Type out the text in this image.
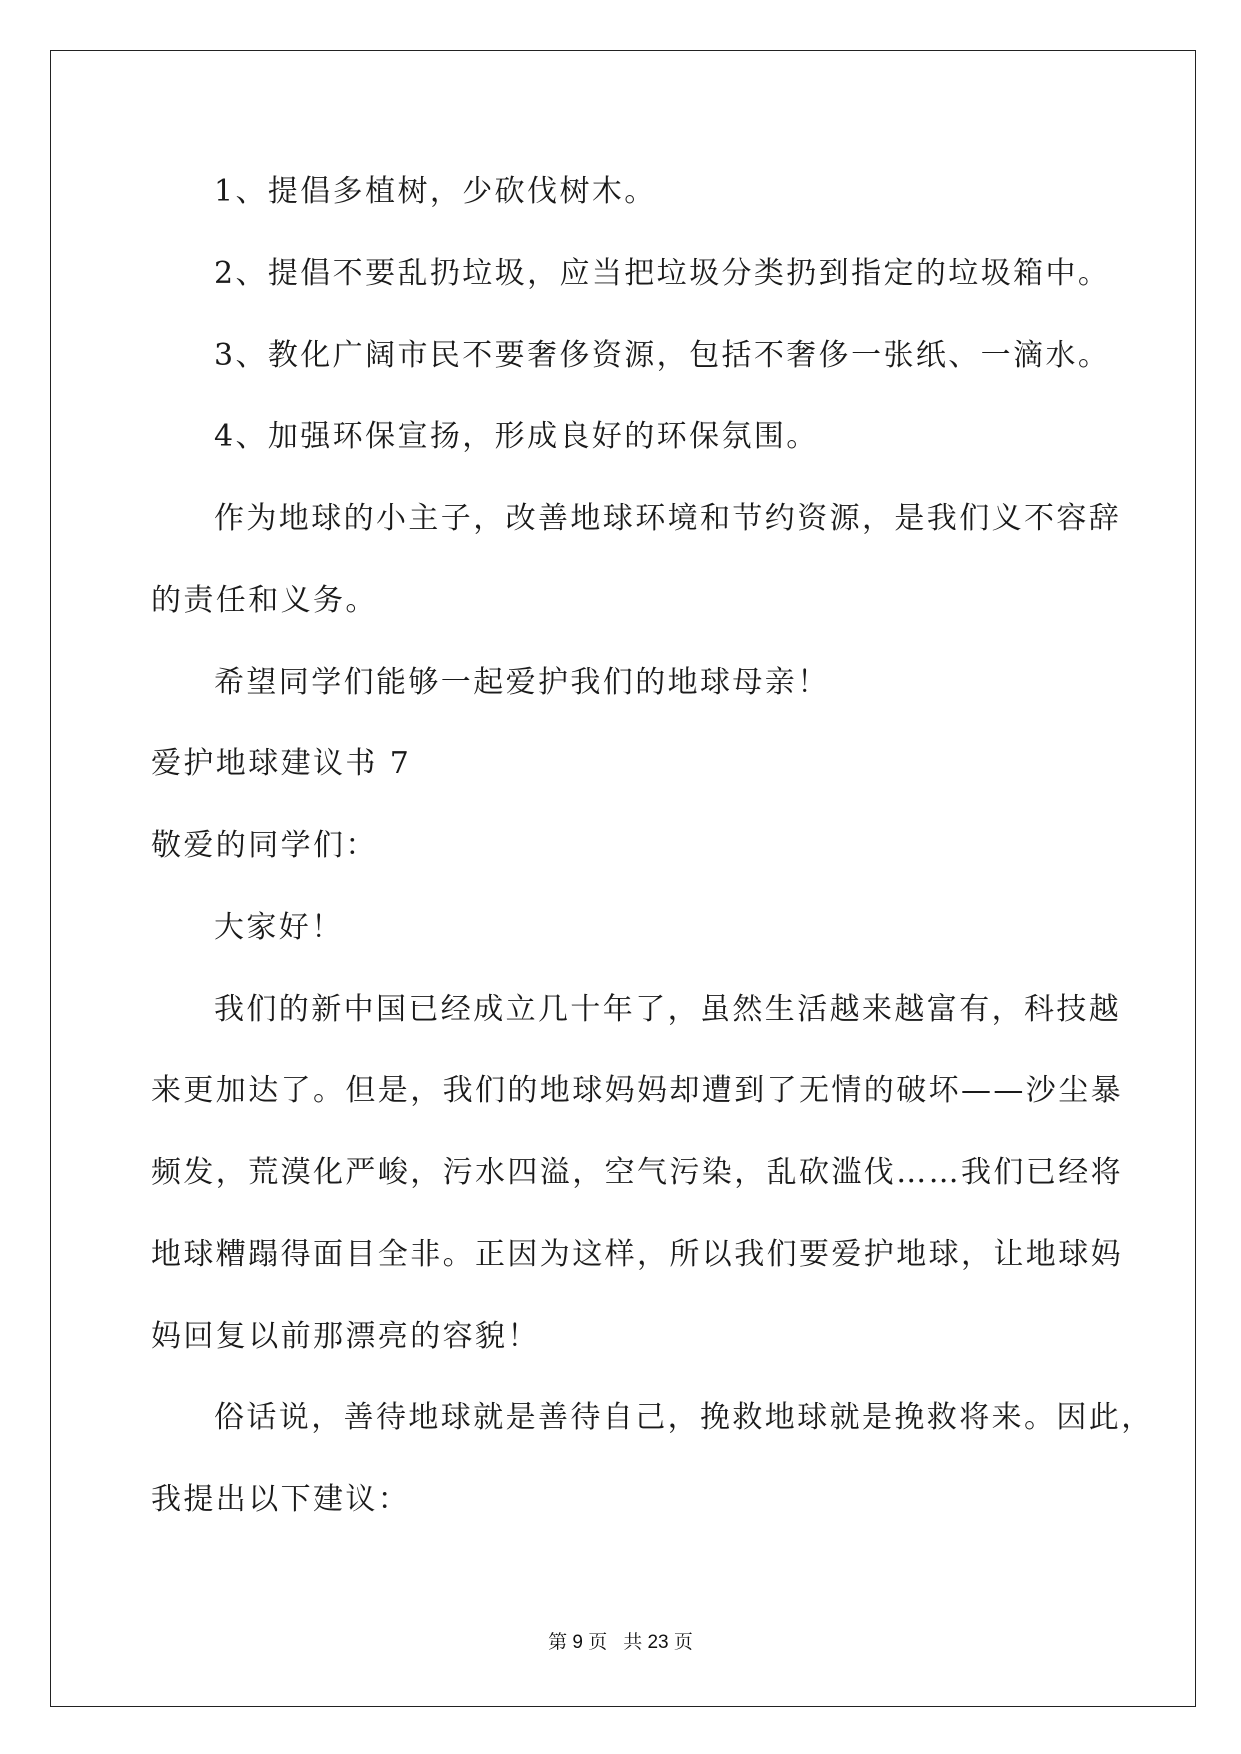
1、提倡多植树，少砍伐树木。
2、提倡不要乱扔垃圾，应当把垃圾分类扔到指定的垃圾箱中。
3、教化广阔市民不要奢侈资源，包括不奢侈一张纸、一滴水。
4、加强环保宣扬，形成良好的环保氛围。
作为地球的小主子，改善地球环境和节约资源，是我们义不容辞
的责任和义务。
希望同学们能够一起爱护我们的地球母亲！
爱护地球建议书 7
敬爱的同学们：
大家好！
我们的新中国已经成立几十年了，虽然生活越来越富有，科技越
来更加达了。但是，我们的地球妈妈却遭到了无情的破坏——沙尘暴
频发，荒漠化严峻，污水四溢，空气污染，乱砍滥伐……我们已经将
地球糟蹋得面目全非。正因为这样，所以我们要爱护地球，让地球妈
妈回复以前那漂亮的容貌！
俗话说，善待地球就是善待自己，挽救地球就是挽救将来。因此，
我提出以下建议：
第 9 页 共 23 页
